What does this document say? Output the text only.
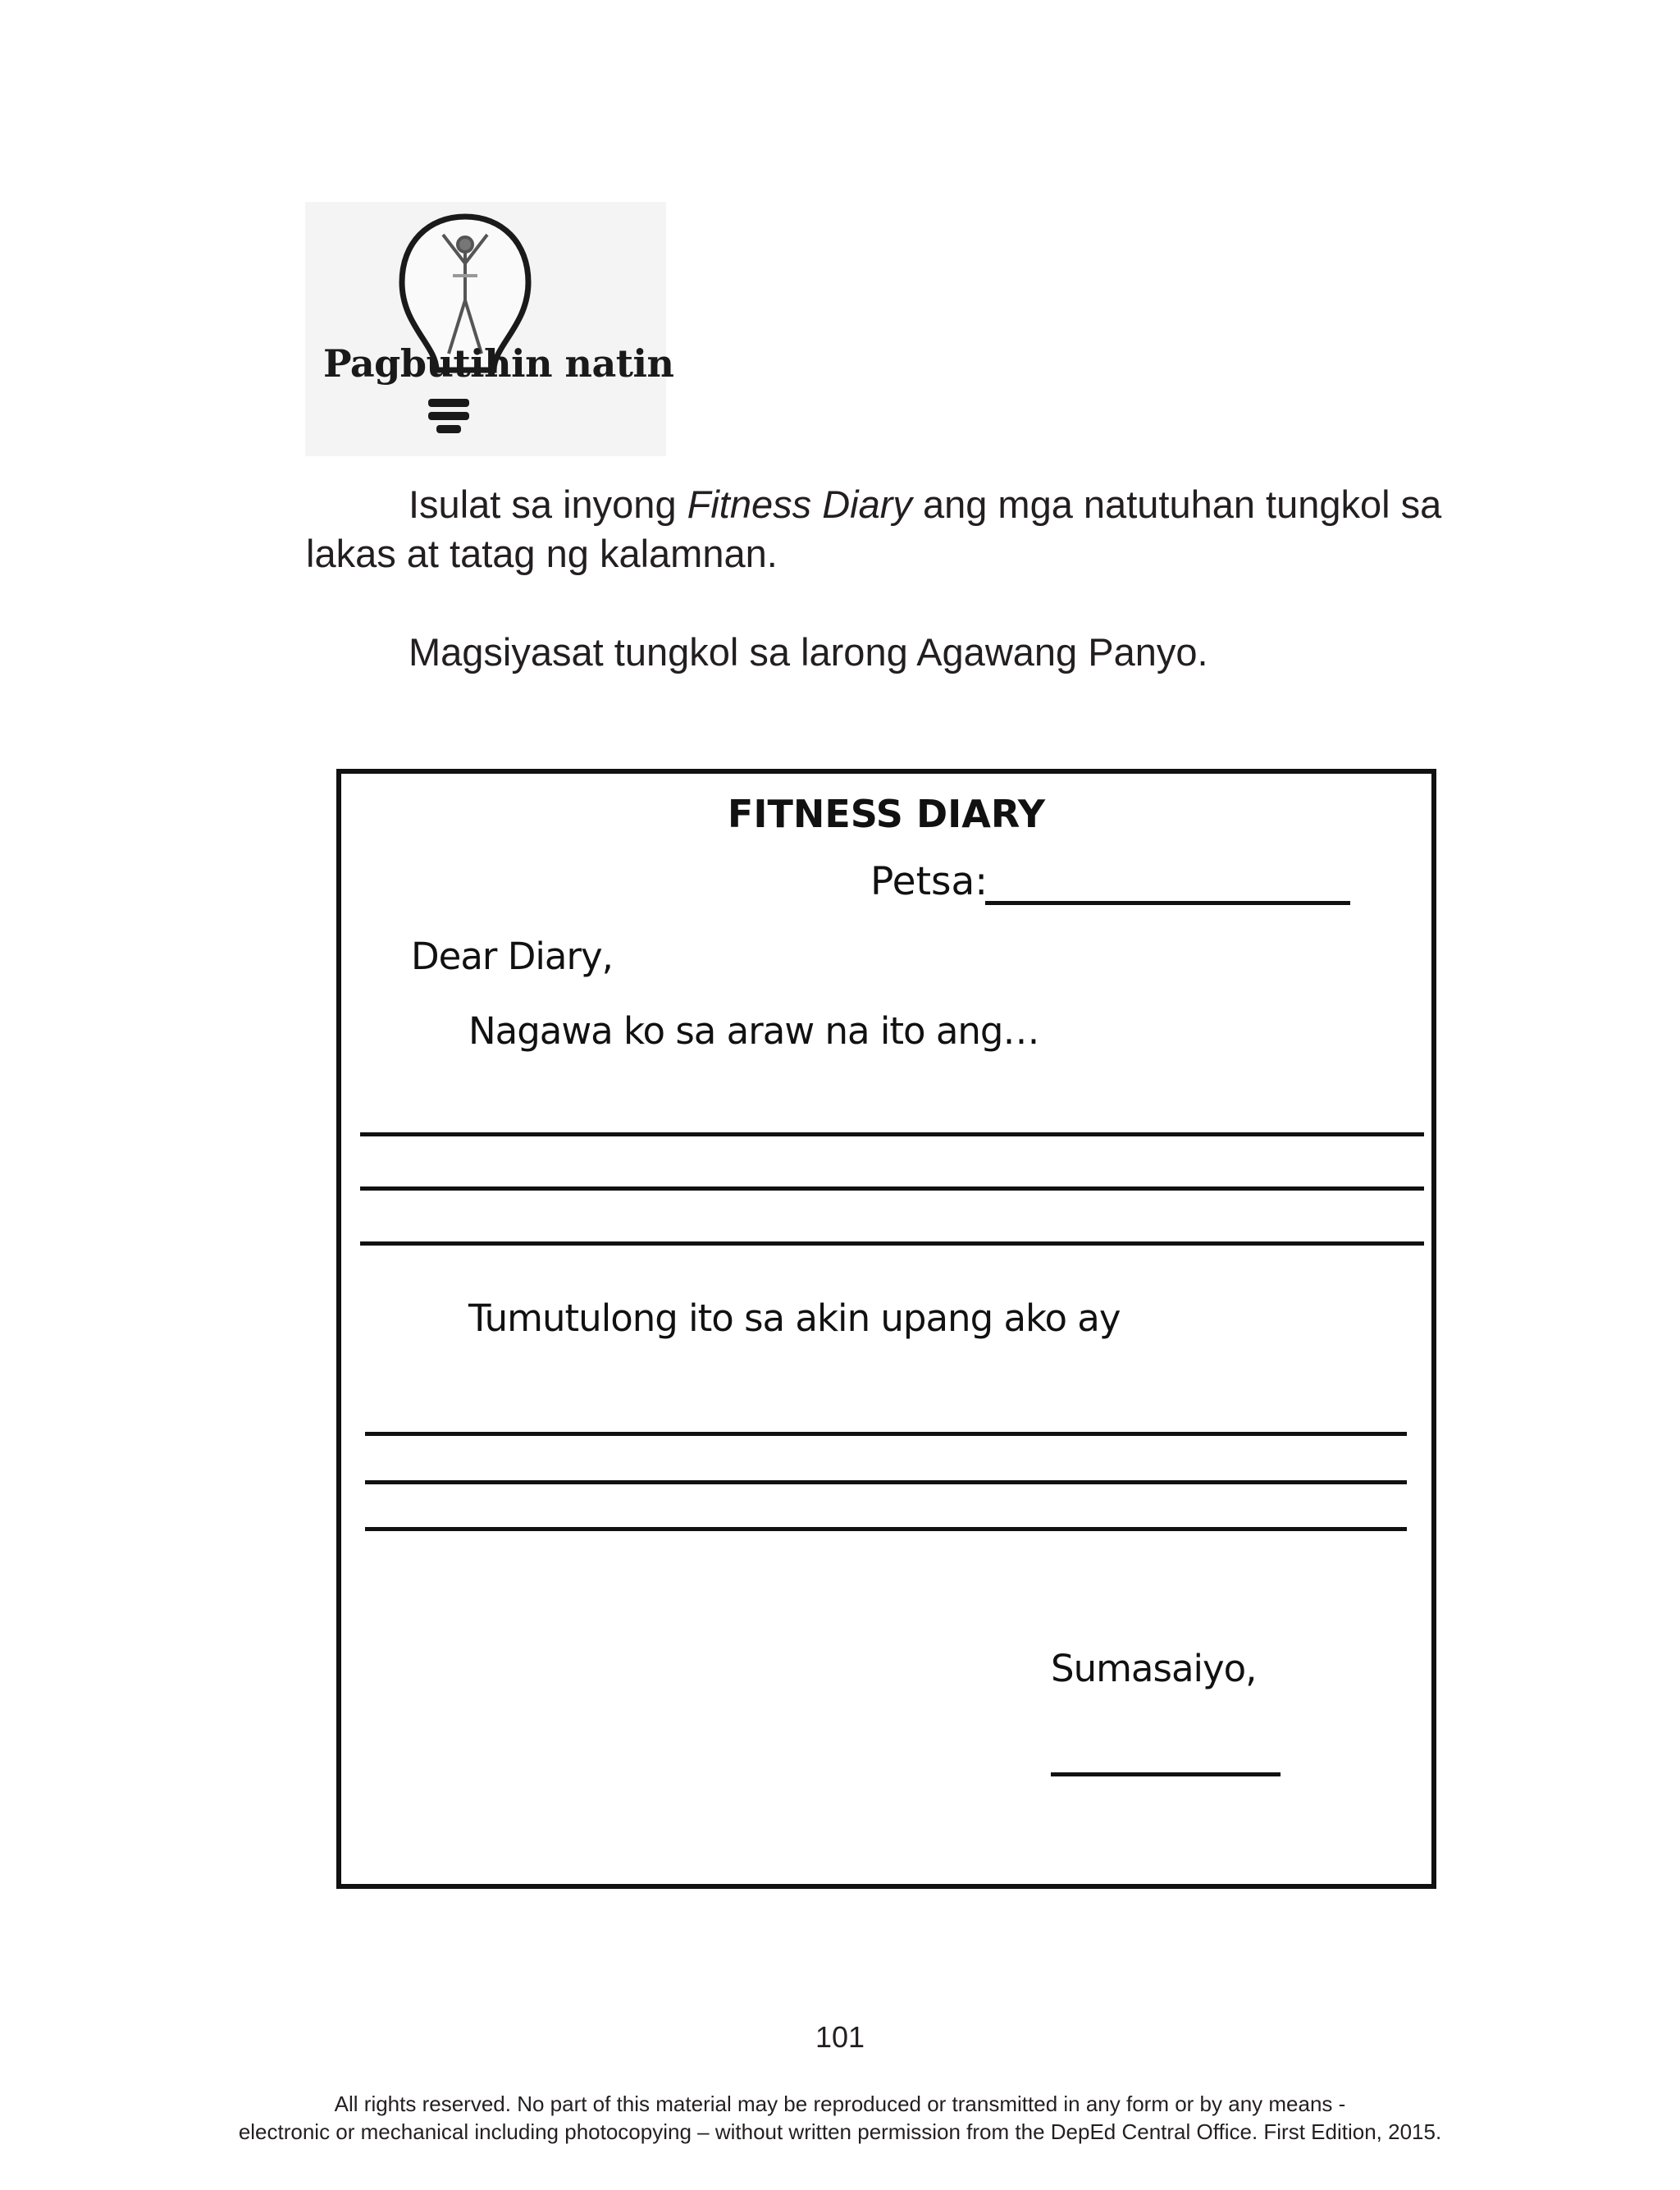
Pagbutihin natin

Isulat sa inyong Fitness Diary ang mga natutuhan tungkol sa lakas at tatag ng kalamnan.

Magsiyasat tungkol sa larong Agawang Panyo.

FITNESS DIARY
Petsa:
Dear Diary,
Nagawa ko sa araw na ito ang…
Tumutulong ito sa akin upang ako ay
Sumasaiyo,
101
All rights reserved. No part of this material may be reproduced or transmitted in any form or by any means -
electronic or mechanical including photocopying – without written permission from the DepEd Central Office. First Edition, 2015.
